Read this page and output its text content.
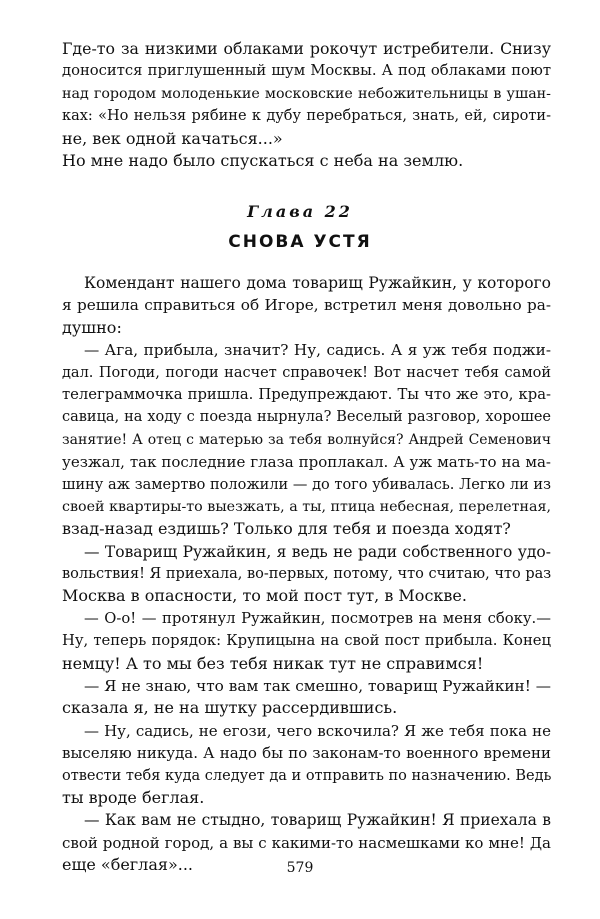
Где-то за низкими облаками рокочут истребители. Снизу
доносится приглушенный шум Москвы. А под облаками поют
над городом молоденькие московские небожительницы в ушан-
ках: «Но нельзя рябине к дубу перебраться, знать, ей, сироти-
не, век одной качаться...»
Но мне надо было спускаться с неба на землю.
Глава 22
СНОВА УСТЯ
Комендант нашего дома товарищ Ружайкин, у которого
я решила справиться об Игоре, встретил меня довольно ра-
душно:
— Ага, прибыла, значит? Ну, садись. А я уж тебя поджи-
дал. Погоди, погоди насчет справочек! Вот насчет тебя самой
телеграммочка пришла. Предупреждают. Ты что же это, кра-
савица, на ходу с поезда нырнула? Веселый разговор, хорошее
занятие! А отец с матерью за тебя волнуйся? Андрей Семенович
уезжал, так последние глаза проплакал. А уж мать-то на ма-
шину аж замертво положили — до того убивалась. Легко ли из
своей квартиры-то выезжать, а ты, птица небесная, перелетная,
взад-назад ездишь? Только для тебя и поезда ходят?
— Товарищ Ружайкин, я ведь не ради собственного удо-
вольствия! Я приехала, во-первых, потому, что считаю, что раз
Москва в опасности, то мой пост тут, в Москве.
— О-о! — протянул Ружайкин, посмотрев на меня сбоку.—
Ну, теперь порядок: Крупицына на свой пост прибыла. Конец
немцу! А то мы без тебя никак тут не справимся!
— Я не знаю, что вам так смешно, товарищ Ружайкин! —
сказала я, не на шутку рассердившись.
— Ну, садись, не егози, чего вскочила? Я же тебя пока не
выселяю никуда. А надо бы по законам-то военного времени
отвести тебя куда следует да и отправить по назначению. Ведь
ты вроде беглая.
— Как вам не стыдно, товарищ Ружайкин! Я приехала в
свой родной город, а вы с какими-то насмешками ко мне! Да
еще «беглая»...	579
